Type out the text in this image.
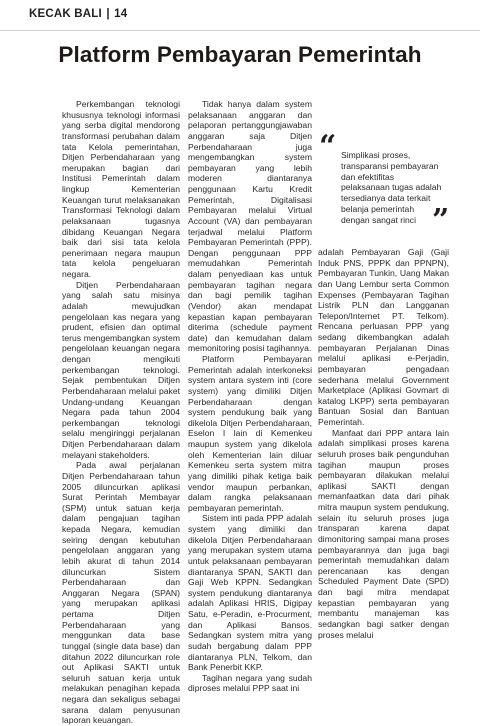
KECAK BALI | 14
Platform Pembayaran Pemerintah

Perkembangan teknologi khususnya teknologi informasi yang serba digital mendorong transformasi perubahan dalam tata Kelola pemerintahan, Ditjen Perbendaharaan yang merupakan bagian dari Institusi Pemerintah dalam lingkup Kementerian Keuangan turut melaksanakan Transformasi Teknologi dalam pelaksanaan tugasnya dibidang Keuangan Negara baik dari sisi tata kelola penerimaan negara maupun tata kelola pengeluaran negara.

Ditjen Perbendaharaan yang salah satu misinya adalah mewujudkan pengelolaan kas negara yang prudent, efisien dan optimal terus mengembangkan system pengelolaan keuangan negara dengan mengikuti perkembangan teknologi. Sejak pembentukan Ditjen Perbendaharaan melalui paket Undang-undang Keuangan Negara pada tahun 2004 perkembangan teknologi selalu mengiringgi perjalanan Ditjen Perbendaharaan dalam melayani stakeholders.

Pada awal perjalanan Ditjen Perbendaharaan tahun 2005 diluncurkan aplikasi Surat Perintah Membayar (SPM) untuk satuan kerja dalam pengajuan tagihan kepada Negara, kemudian seiring dengan kebutuhan pengelolaan anggaran yang lebih akurat di tahun 2014 diluncurkan Sistem Perbendaharaan dan Anggaran Negara (SPAN) yang merupakan aplikasi pertama Ditjen Perbendaharaan yang menggunkan data base tunggal (single data base) dan ditahun 2022 diluncurkan role out Aplikasi SAKTI untuk seluruh satuan kerja untuk melakukan penagihan kepada negara dan sekaligus sebagai sarana dalam penyusunan laporan keuangan.

Tidak hanya dalam system pelaksanaan anggaran dan pelaporan pertanggungjawaban anggaran saja Ditjen Perbendaharaan juga mengembangkan system pembayaran yang lebih moderen diantaranya penggunaan Kartu Kredit Pemerintah, Digitalisasi Pembayaran melalui Virtual Account (VA) dan pembayaran terjadwal melalui Platform Pembayaran Pemerintah (PPP). Dengan penggunaan PPP memudahkan Pemerintah dalam penyediaan kas untuk pembayaran tagihan negara dan bagi pemilik tagihan (Vendor) akan mendapat kepastian kapan pembayaran diterima (schedule payment date) dan kemudahan dalam memonitoring posisi tagihannya.

Platform Pembayaran Pemerintah adalah interkoneksi system antara system inti (core system) yang dimiliki Ditjen Perbendaharaan dengan system pendukung baik yang dikelola Ditjen Perbendaharaan, Eselon I lain di Kemenkeu maupun system yang dikelola oleh Kementerian lain diluar Kemenkeu serta system mitra yang dimiliki pihak ketiga baik vendor maupun perbankan, dalam rangka pelaksanaan pembayaran pemerintah.

Sistem inti pada PPP adalah system yang dimiliki dan dikelola Ditjen Perbendaharaan yang merupakan system utama untuk pelaksanaan pembayaran diantaranya SPAN, SAKTI dan Gaji Web KPPN. Sedangkan system pendukung diantaranya adalah Aplikasi HRIS, Digipay Satu, e-Peradin, e-Procurment, dan Aplikasi Bansos. Sedangkan system mitra yang sudah bergabung dalam PPP diantaranya PLN, Telkom, dan Bank Penerbit KKP.

Tagihan negara yang sudah diproses melalui PPP saat ini

“ Simplikasi proses, transparansi pembayaran dan efektifitas pelaksanaan tugas adalah tersedianya data terkait belanja pemerintah dengan sangat rinci ”

adalah Pembayaran Gaji (Gaji Induk PNS, PPPK dan PPNPN), Pembayaran Tunkin, Uang Makan dan Uang Lembur serta Common Expenses (Pembayaran Tagihan Listrik PLN dan Langganan Telepon/Internet PT. Telkom). Rencana perluasan PPP yang sedang dikembangkan adalah pembayaran Perjalanan Dinas melalui aplikasi e-Perjadin, pembayaran pengadaan sederhana melalui Government Marketplace (Aplikasi Govmart di katalog LKPP) serta pembayaran Bantuan Sosial dan Bantuan Pemerintah.

Manfaat dari PPP antara lain adalah simplikasi proses karena seluruh proses baik pengunduhan tagihan maupun proses pembayaran dilakukan melalui aplikasi SAKTI dengan memanfaatkan data dari pihak mitra maupun system pendukung, selain itu seluruh proses juga transparan karena dapat dimonitoring sampai mana proses pembayarannya dan juga bagi pemerintah memudahkan dalam perencanaan kas dengan Scheduled Payment Date (SPD) dan bagi mitra mendapat kepastian pembayaran yang membantu manajeman kas sedangkan bagi satker dengan proses melalui
